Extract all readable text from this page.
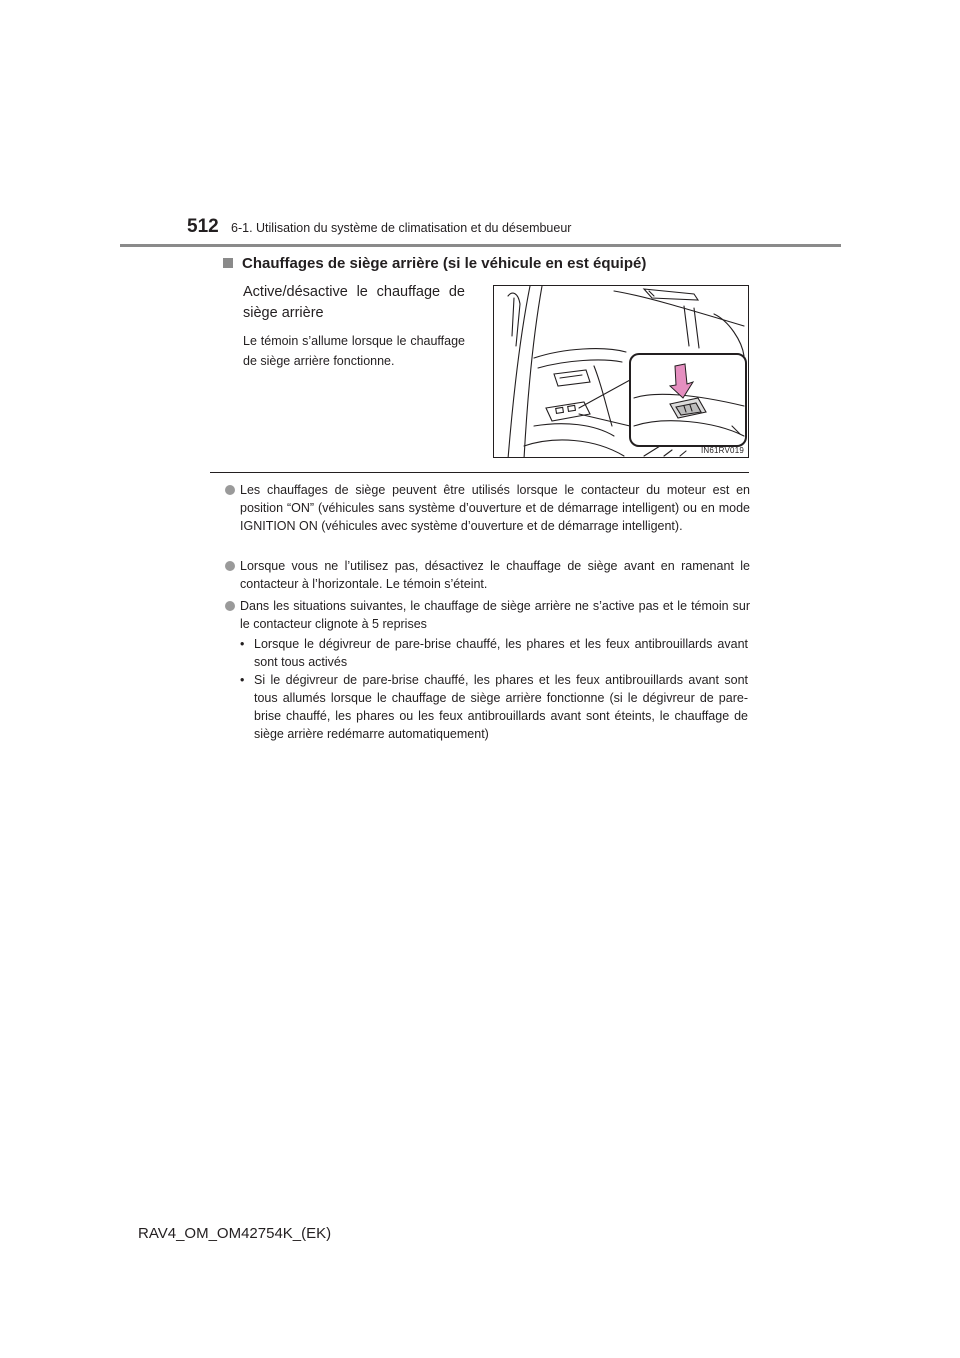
512 6-1. Utilisation du système de climatisation et du désembueur
Chauffages de siège arrière (si le véhicule en est équipé)
Active/désactive le chauffage de siège arrière
Le témoin s’allume lorsque le chauffage de siège arrière fonctionne.
IN61RV019
Les chauffages de siège peuvent être utilisés lorsque le contacteur du moteur est en position “ON” (véhicules sans système d’ouverture et de démarrage intelligent) ou en mode IGNITION ON (véhicules avec système d’ouverture et de démarrage intelligent).
Lorsque vous ne l’utilisez pas, désactivez le chauffage de siège avant en ramenant le contacteur à l’horizontale. Le témoin s’éteint.
Dans les situations suivantes, le chauffage de siège arrière ne s’active pas et le témoin sur le contacteur clignote à 5 reprises
• Lorsque le dégivreur de pare-brise chauffé, les phares et les feux antibrouillards avant sont tous activés
• Si le dégivreur de pare-brise chauffé, les phares et les feux antibrouillards avant sont tous allumés lorsque le chauffage de siège arrière fonctionne (si le dégivreur de pare-brise chauffé, les phares ou les feux antibrouillards avant sont éteints, le chauffage de siège arrière redémarre automatiquement)
RAV4_OM_OM42754K_(EK)
